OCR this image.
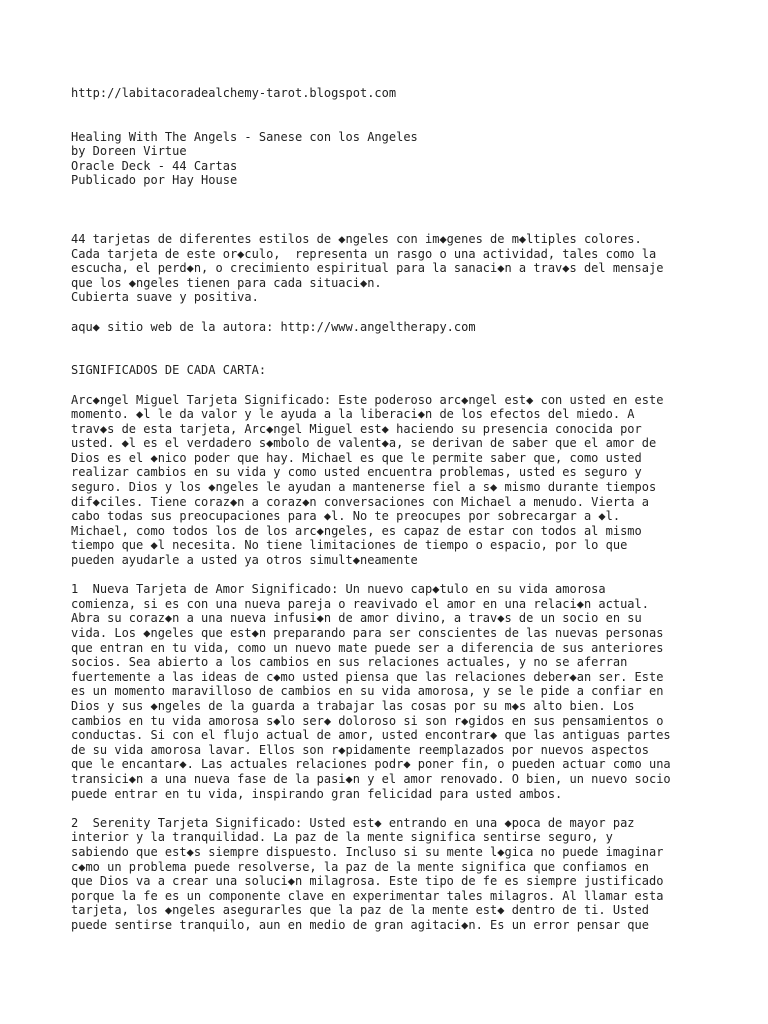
http://labitacoradealchemy-tarot.blogspot.com
Healing With The Angels - Sanese con los Angeles
by Doreen Virtue
Oracle Deck - 44 Cartas
Publicado por Hay House
44 tarjetas de diferentes estilos de ◆ngeles con im◆genes de m◆ltiples colores.
Cada tarjeta de este or◆culo,  representa un rasgo o una actividad, tales como la
escucha, el perd◆n, o crecimiento espiritual para la sanaci◆n a trav◆s del mensaje
que los ◆ngeles tienen para cada situaci◆n.
Cubierta suave y positiva.
aqu◆ sitio web de la autora: http://www.angeltherapy.com
SIGNIFICADOS DE CADA CARTA:
Arc◆ngel Miguel Tarjeta Significado: Este poderoso arc◆ngel est◆ con usted en este
momento. ◆l le da valor y le ayuda a la liberaci◆n de los efectos del miedo. A
trav◆s de esta tarjeta, Arc◆ngel Miguel est◆ haciendo su presencia conocida por
usted. ◆l es el verdadero s◆mbolo de valent◆a, se derivan de saber que el amor de
Dios es el ◆nico poder que hay. Michael es que le permite saber que, como usted
realizar cambios en su vida y como usted encuentra problemas, usted es seguro y
seguro. Dios y los ◆ngeles le ayudan a mantenerse fiel a s◆ mismo durante tiempos
dif◆ciles. Tiene coraz◆n a coraz◆n conversaciones con Michael a menudo. Vierta a
cabo todas sus preocupaciones para ◆l. No te preocupes por sobrecargar a ◆l.
Michael, como todos los de los arc◆ngeles, es capaz de estar con todos al mismo
tiempo que ◆l necesita. No tiene limitaciones de tiempo o espacio, por lo que
pueden ayudarle a usted ya otros simult◆neamente
1  Nueva Tarjeta de Amor Significado: Un nuevo cap◆tulo en su vida amorosa
comienza, si es con una nueva pareja o reavivado el amor en una relaci◆n actual.
Abra su coraz◆n a una nueva infusi◆n de amor divino, a trav◆s de un socio en su
vida. Los ◆ngeles que est◆n preparando para ser conscientes de las nuevas personas
que entran en tu vida, como un nuevo mate puede ser a diferencia de sus anteriores
socios. Sea abierto a los cambios en sus relaciones actuales, y no se aferran
fuertemente a las ideas de c◆mo usted piensa que las relaciones deber◆an ser. Este
es un momento maravilloso de cambios en su vida amorosa, y se le pide a confiar en
Dios y sus ◆ngeles de la guarda a trabajar las cosas por su m◆s alto bien. Los
cambios en tu vida amorosa s◆lo ser◆ doloroso si son r◆gidos en sus pensamientos o
conductas. Si con el flujo actual de amor, usted encontrar◆ que las antiguas partes
de su vida amorosa lavar. Ellos son r◆pidamente reemplazados por nuevos aspectos
que le encantar◆. Las actuales relaciones podr◆ poner fin, o pueden actuar como una
transici◆n a una nueva fase de la pasi◆n y el amor renovado. O bien, un nuevo socio
puede entrar en tu vida, inspirando gran felicidad para usted ambos.
2  Serenity Tarjeta Significado: Usted est◆ entrando en una ◆poca de mayor paz
interior y la tranquilidad. La paz de la mente significa sentirse seguro, y
sabiendo que est◆s siempre dispuesto. Incluso si su mente l◆gica no puede imaginar
c◆mo un problema puede resolverse, la paz de la mente significa que confiamos en
que Dios va a crear una soluci◆n milagrosa. Este tipo de fe es siempre justificado
porque la fe es un componente clave en experimentar tales milagros. Al llamar esta
tarjeta, los ◆ngeles asegurarles que la paz de la mente est◆ dentro de ti. Usted
puede sentirse tranquilo, aun en medio de gran agitaci◆n. Es un error pensar que
